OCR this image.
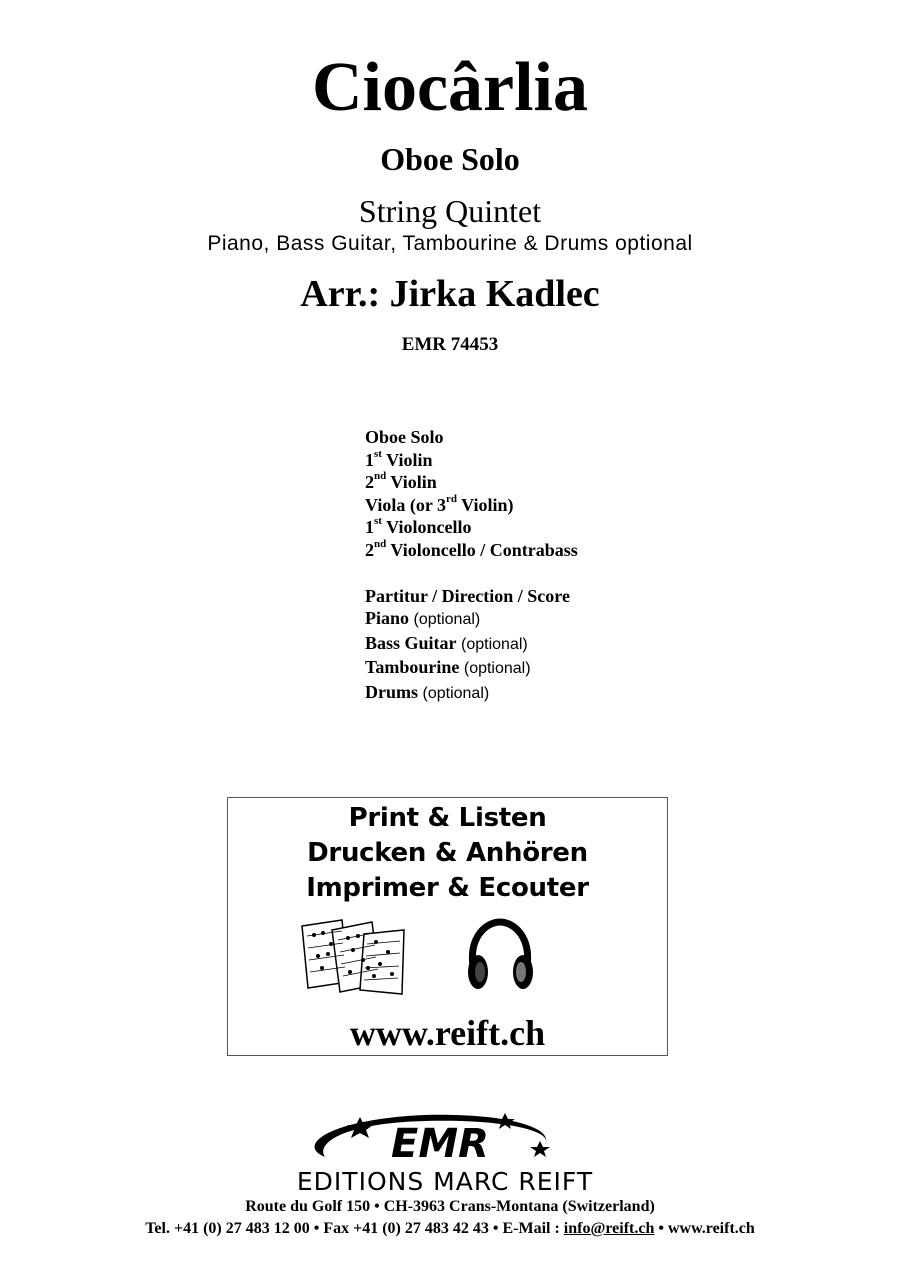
Ciocârlia
Oboe Solo
String Quintet
Piano, Bass Guitar, Tambourine & Drums optional
Arr.: Jirka Kadlec
EMR 74453
Oboe Solo
1st Violin
2nd Violin
Viola (or 3rd Violin)
1st Violoncello
2nd Violoncello / Contrabass
Partitur / Direction / Score
Piano (optional)
Bass Guitar (optional)
Tambourine (optional)
Drums (optional)
Print & Listen
Drucken & Anhören
Imprimer & Ecouter
www.reift.ch
EMR
EDITIONS MARC REIFT
Route du Golf 150 • CH-3963 Crans-Montana (Switzerland)
Tel. +41 (0) 27 483 12 00 • Fax +41 (0) 27 483 42 43 • E-Mail : info@reift.ch • www.reift.ch
